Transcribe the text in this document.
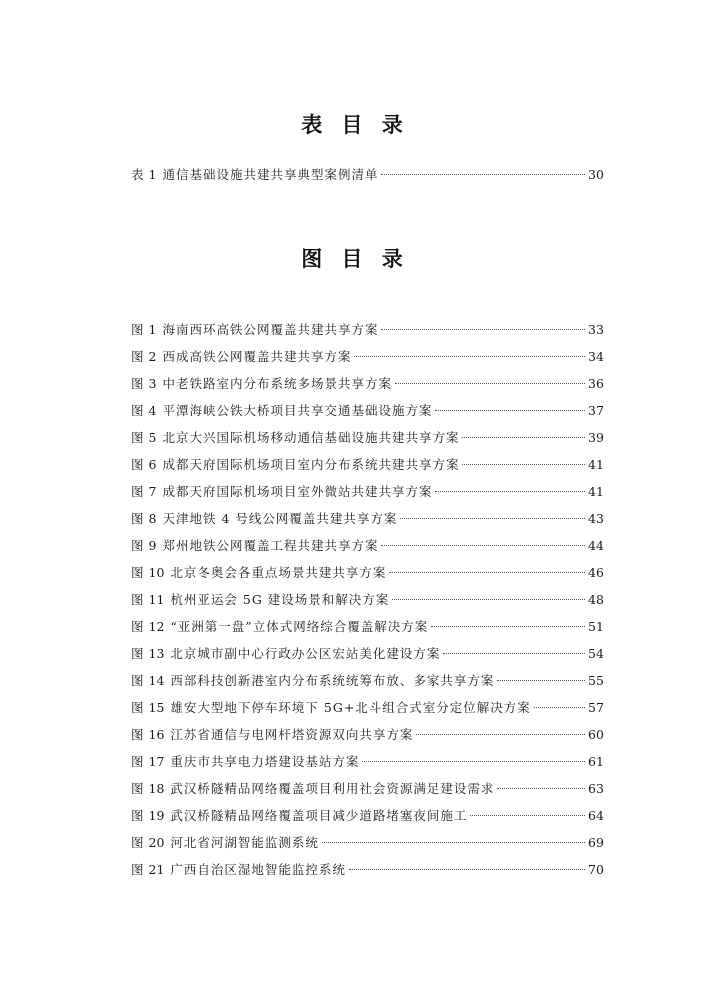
表 目 录
表 1 通信基础设施共建共享典型案例清单	30
图 目 录
图 1 海南西环高铁公网覆盖共建共享方案	33
图 2 西成高铁公网覆盖共建共享方案	34
图 3 中老铁路室内分布系统多场景共享方案	36
图 4 平潭海峡公铁大桥项目共享交通基础设施方案	37
图 5 北京大兴国际机场移动通信基础设施共建共享方案	39
图 6 成都天府国际机场项目室内分布系统共建共享方案	41
图 7 成都天府国际机场项目室外微站共建共享方案	41
图 8 天津地铁 4 号线公网覆盖共建共享方案	43
图 9 郑州地铁公网覆盖工程共建共享方案	44
图 10 北京冬奥会各重点场景共建共享方案	46
图 11 杭州亚运会 5G 建设场景和解决方案	48
图 12 “亚洲第一盘”立体式网络综合覆盖解决方案	51
图 13 北京城市副中心行政办公区宏站美化建设方案	54
图 14 西部科技创新港室内分布系统统筹布放、多家共享方案	55
图 15 雄安大型地下停车环境下 5G+北斗组合式室分定位解决方案	57
图 16 江苏省通信与电网杆塔资源双向共享方案	60
图 17 重庆市共享电力塔建设基站方案	61
图 18 武汉桥隧精品网络覆盖项目利用社会资源满足建设需求	63
图 19 武汉桥隧精品网络覆盖项目减少道路堵塞夜间施工	64
图 20 河北省河湖智能监测系统	69
图 21 广西自治区湿地智能监控系统	70
